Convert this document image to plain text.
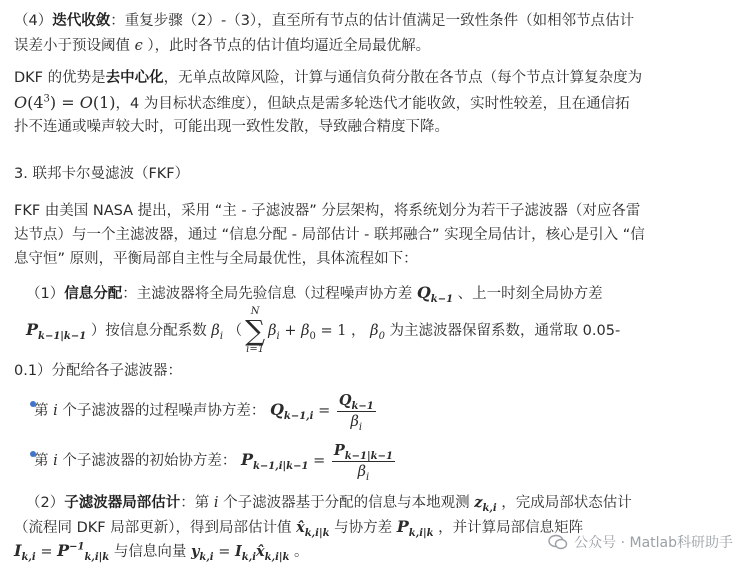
（4）迭代收敛：重复步骤（2）-（3），直至所有节点的估计值满足一致性条件（如相邻节点估计
误差小于预设阈值 ϵ ），此时各节点的估计值均逼近全局最优解。
DKF 的优势是去中心化，无单点故障风险，计算与通信负荷分散在各节点（每个节点计算复杂度为
$O(4^3) = O(1)$，4 为目标状态维度），但缺点是需多轮迭代才能收敛，实时性较差，且在通信拓
扑不连通或噪声较大时，可能出现一致性发散，导致融合精度下降。
3. 联邦卡尔曼滤波（FKF）
FKF 由美国 NASA 提出，采用 “主 - 子滤波器” 分层架构，将系统划分为若干子滤波器（对应各雷
达节点）与一个主滤波器，通过 “信息分配 - 局部估计 - 联邦融合” 实现全局估计，核心是引入 “信
息守恒” 原则，平衡局部自主性与全局最优性，具体流程如下：
（1）信息分配：主滤波器将全局先验信息（过程噪声协方差 $Q_{k-1}$ 、上一时刻全局协方差
$P_{k-1|k-1}$ ）按信息分配系数 $\beta_i$ （
N
∑
i=1
$\beta_i + \beta_0 = 1$ ， $\beta_0$ 为主滤波器保留系数，通常取 0.05-
0.1）分配给各子滤波器：
第 i 个子滤波器的过程噪声协方差： $Q_{k-1,i} = \frac{Q_{k-1}}{\beta_i}$
第 i 个子滤波器的初始协方差： $P_{k-1,i|k-1} = \frac{P_{k-1|k-1}}{\beta_i}$
（2）子滤波器局部估计：第 i 个子滤波器基于分配的信息与本地观测 $z_{k,i}$ ，完成局部状态估计
（流程同 DKF 局部更新），得到局部估计值 $x̂_{k,i|k}$ 与协方差 $P_{k,i|k}$ ，并计算局部信息矩阵
$I_{k,i} = P^{-1}_{k,i|k}$ 与信息向量 $y_{k,i}$ = $I_{k,i}x̂_{k,i|k}$ 。
公众号 · Matlab科研助手
